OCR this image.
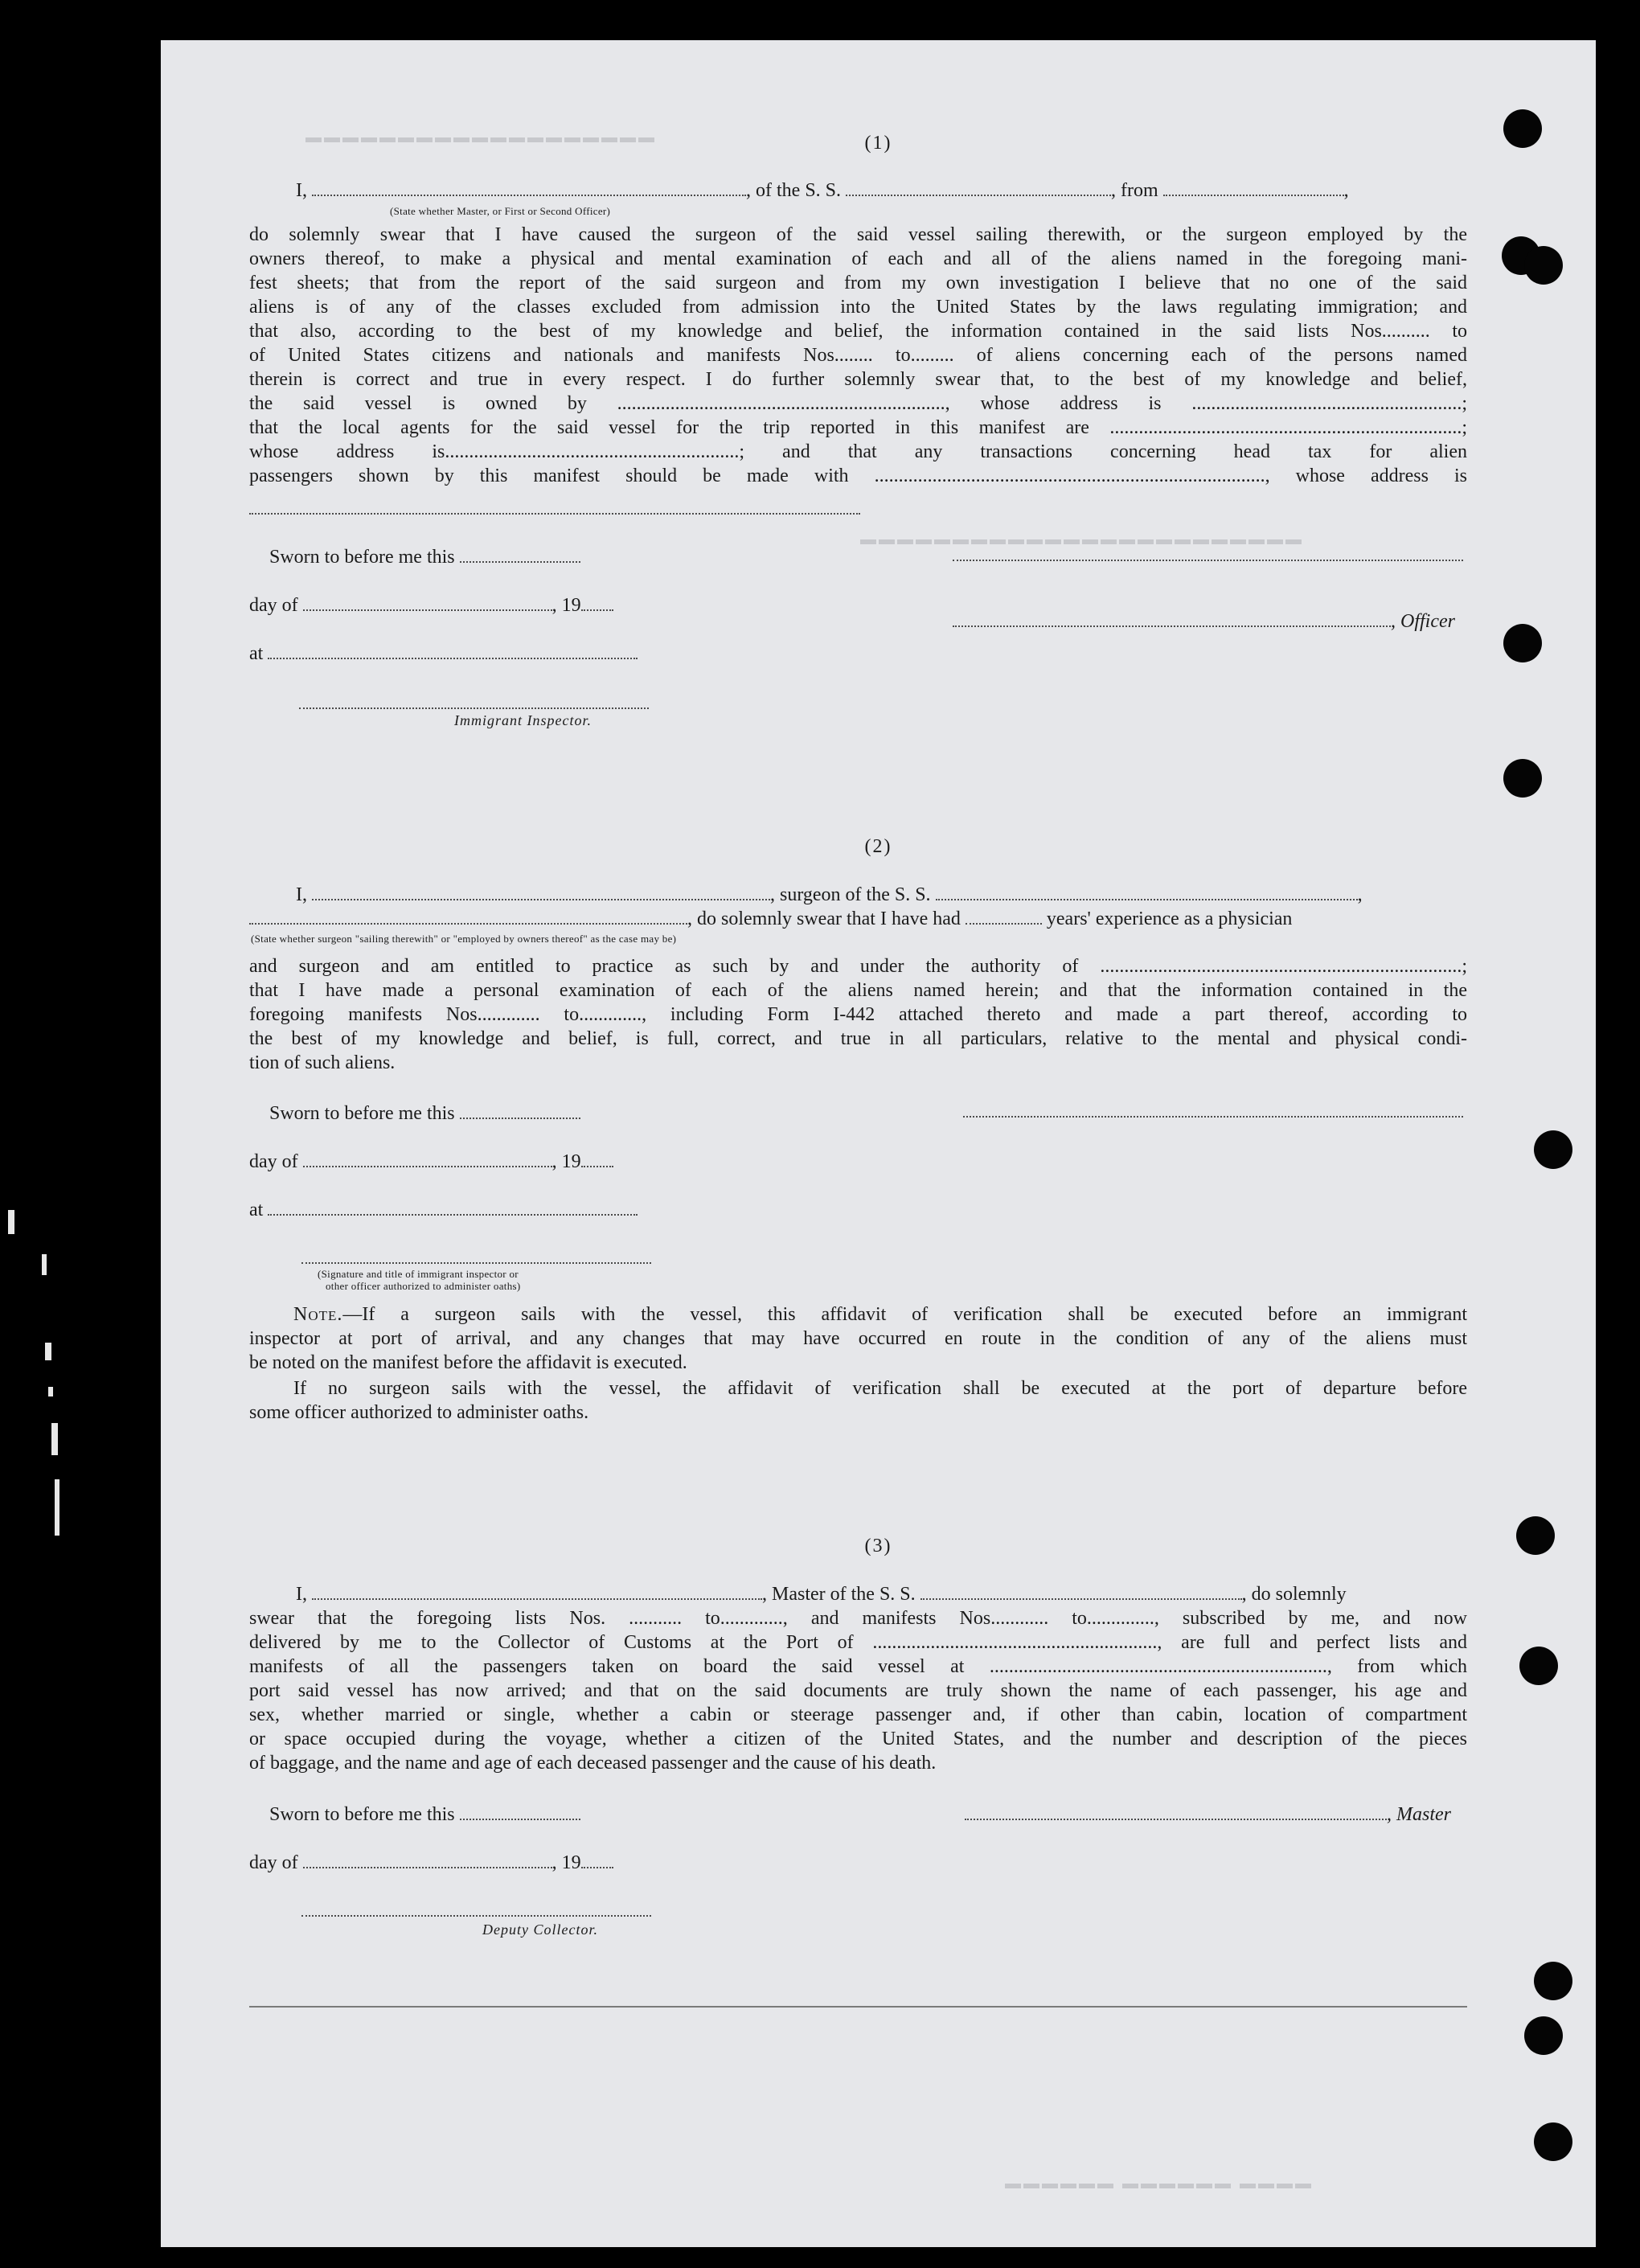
▬▬▬▬▬▬▬▬▬▬▬▬▬▬▬▬▬▬▬
▬▬▬▬▬▬▬▬▬▬▬▬▬▬▬▬▬▬▬▬▬▬▬▬
▬▬▬▬▬▬ ▬▬▬▬▬▬ ▬▬▬▬
(1)
I,	, of the S. S.	, from	,
(State whether Master, or First or Second Officer)
do solemnly swear that I have caused the surgeon of the said vessel sailing therewith, or the surgeon employed by the
owners thereof, to make a physical and mental examination of each and all of the aliens named in the foregoing mani-
fest sheets; that from the report of the said surgeon and from my own investigation I believe that no one of the said
aliens is of any of the classes excluded from admission into the United States by the laws regulating immigration; and
that also, according to the best of my knowledge and belief, the information contained in the said lists Nos.......... to
of United States citizens and nationals and manifests Nos........ to......... of aliens concerning each of the persons named
therein is correct and true in every respect. I do further solemnly swear that, to the best of my knowledge and belief,
the said vessel is owned by ...................................................................., whose address is ........................................................;
that the local agents for the said vessel for the trip reported in this manifest are .........................................................................;
whose address is.............................................................; and that any transactions concerning head tax for alien
passengers shown by this manifest should be made with ................................................................................., whose address is
Sworn to before me this
day of	, 19
, Officer
at
Immigrant Inspector.
(2)
I,	, surgeon of the S. S.	,
, do solemnly swear that I have had	years' experience as a physician
(State whether surgeon "sailing therewith" or "employed by owners thereof" as the case may be)
and surgeon and am entitled to practice as such by and under the authority of ...........................................................................;
that I have made a personal examination of each of the aliens named herein; and that the information contained in the
foregoing manifests Nos............. to............., including Form I-442 attached thereto and made a part thereof, according to
the best of my knowledge and belief, is full, correct, and true in all particulars, relative to the mental and physical condi-
tion of such aliens.
Sworn to before me this
day of	, 19
at
(Signature and title of immigrant inspector or
other officer authorized to administer oaths)
Note.—If a surgeon sails with the vessel, this affidavit of verification shall be executed before an immigrant
inspector at port of arrival, and any changes that may have occurred en route in the condition of any of the aliens must
be noted on the manifest before the affidavit is executed.
If no surgeon sails with the vessel, the affidavit of verification shall be executed at the port of departure before
some officer authorized to administer oaths.
(3)
I,	, Master of the S. S.	, do solemnly
swear that the foregoing lists Nos. ........... to............., and manifests Nos............ to.............., subscribed by me, and now
delivered by me to the Collector of Customs at the Port of ..........................................................., are full and perfect lists and
manifests of all the passengers taken on board the said vessel at ......................................................................, from which
port said vessel has now arrived; and that on the said documents are truly shown the name of each passenger, his age and
sex, whether married or single, whether a cabin or steerage passenger and, if other than cabin, location of compartment
or space occupied during the voyage, whether a citizen of the United States, and the number and description of the pieces
of baggage, and the name and age of each deceased passenger and the cause of his death.
Sworn to before me this	, Master
day of	, 19
Deputy Collector.
